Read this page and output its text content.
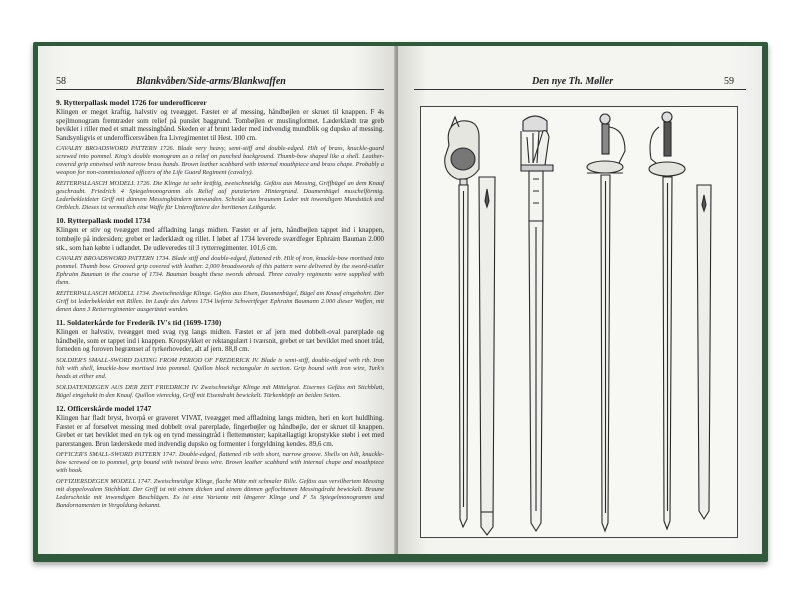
58	Blankvåben/Side-arms/Blankwaffen
9. Rytterpallask model 1726 for underofficerer

Klingen er meget kraftig, halvstiv og tveægget. Fæstet er af messing, håndbøjlen er skruet til knappen. F 4s spejlmonogram fremtræder som relief på punslet baggrund. Tombøjlen er muslingformet. Læderklædt træ greb beviklet i riller med et smalt messingbånd. Skeden er af brunt læder med indvendig mundblik og dupsko af messing. Sandsynligvis et underofficersvåben fra Livregimentet til Hest. 100 cm.

CAVALRY BROADSWORD PATTERN 1726. Blade very heavy, semi-stiff and double-edged. Hilt of brass, knuckle-guard screwed into pommel. King's double monogram as a relief on punched background. Thumb-bow shaped like a shell. Leather-covered grip entwined with narrow brass bands. Brown leather scabbard with internal mouthpiece and brass chape. Probably a weapon for non-commissioned officers of the Life Guard Regiment (cavalry).

REITERPALLASCH MODELL 1726. Die Klinge ist sehr kräftig, zweischneidig. Gefäss aus Messing, Griffbügel an dem Knauf geschraubt. Friedrich 4 Spiegelmonogramm als Relief auf punziertem Hintergrund. Daumenbügel muschelförmig. Lederbekleideter Griff mit dünnem Messingbändern umwunden. Scheide aus braunem Leder mit inwendigem Mundstück und Ortblech. Dieses ist vermutlich eine Waffe für Unteroffiziere der berittenen Leibgarde.

10. Rytterpallask model 1734

Klingen er stiv og tveægget med affladning langs midten. Fæstet er af jern, håndbøjlen tappet ind i knappen, tombøjle på indersiden; grebet er læderklædt og rillet. I løbet af 1734 leverede sværdfeger Ephraim Bauman 2.000 stk., som han købte i udlandet. De udleveredes til 3 rytterregimenter. 101,6 cm.

CAVALRY BROADSWORD PATTERN 1734. Blade stiff and double-edged, flattened rib. Hilt of iron, knuckle-bow mortised into pommel. Thumb bow. Grooved grip covered with leather. 2,000 broadswords of this pattern were delivered by the sword-cutler Ephraim Bauman in the course of 1734. Bauman bought these swords abroad. Three cavalry regiments were supplied with them.

REITERPALLASCH MODELL 1734. Zweischneidige Klinge. Gefäss aus Eisen, Daumenbügel, Bügel am Knauf eingebohrt. Der Griff ist lederbekleidet mit Rillen. Im Laufe des Jahres 1734 lieferte Schwertfeger Ephraim Baumann 2.000 dieser Waffen, mit denen dann 3 Reiterregimenter ausgerüstet wurden.

11. Soldaterkårde for Frederik IV's tid (1699-1730)

Klingen er halvstiv, tveægget med svag ryg langs midten. Fæstet er af jern med dobbelt-oval parerplade og håndbøjle, som er tappet ind i knappen. Kropstykket er rektangulært i tværsnit, grebet er tæt beviklet med snoet tråd, forneden og foroven begrænset af tyrkerhoveder, alt af jern. 88,8 cm.

SOLDIER'S SMALL-SWORD DATING FROM PERIOD OF FREDERICK IV. Blade is semi-stiff, double-edged with rib. Iron hilt with shell, knuckle-bow mortised into pommel. Quillon block rectangular in section. Grip bound with iron wire, Turk's heads at either end.

SOLDATENDEGEN AUS DER ZEIT FRIEDRICH IV. Zweischneidige Klinge mit Mittelgrat. Eisernes Gefäss mit Stichblatt, Bügel eingehakt in den Knauf. Quillon viereckig, Griff mit Eisendraht bewickelt. Türkenköpfe an beiden Seiten.

12. Officerskårde model 1747

Klingen har fladt bryst, hvorpå er graveret VIVAT, tveægget med affladning langs midten, heri en kort huldlhing. Fæstet er af forsølvet messing med dobbelt oval parerplade, fingerbøjler og håndbøjle, der er skruet til knappen. Grebet er tæt beviklet med en tyk og en tynd messingtråd i flettemønster; kapitællagtigt kropstykke støbt i eet med parerstangen. Brun læderskede med indvendig dupsko og formenter i forgyldning kendes. 89,6 cm.

OFFICER'S SMALL-SWORD PATTERN 1747. Double-edged, flattened rib with short, narrow groove. Shells on hilt, knuckle-bow screwed on to pommel, grip bound with twisted brass wire. Brown leather scabbard with internal chape and mouthpiece with hook.

OFFIZIERSDEGEN MODELL 1747. Zweischneidige Klinge, flache Mitte mit schmaler Rille. Gefäss aus versilbertem Messing mit doppelovalem Stichblatt. Der Griff ist mit einem dicken und einem dünnen geflochtenen Messingdraht bewickelt. Braune Lederscheide mit inwendigen Beschlägen. Es ist eine Variante mit längerer Klinge und F 5s Spiegelmonogramm und Bandornamenten in Vergoldung bekannt.

Den nye Th. Møller	59
